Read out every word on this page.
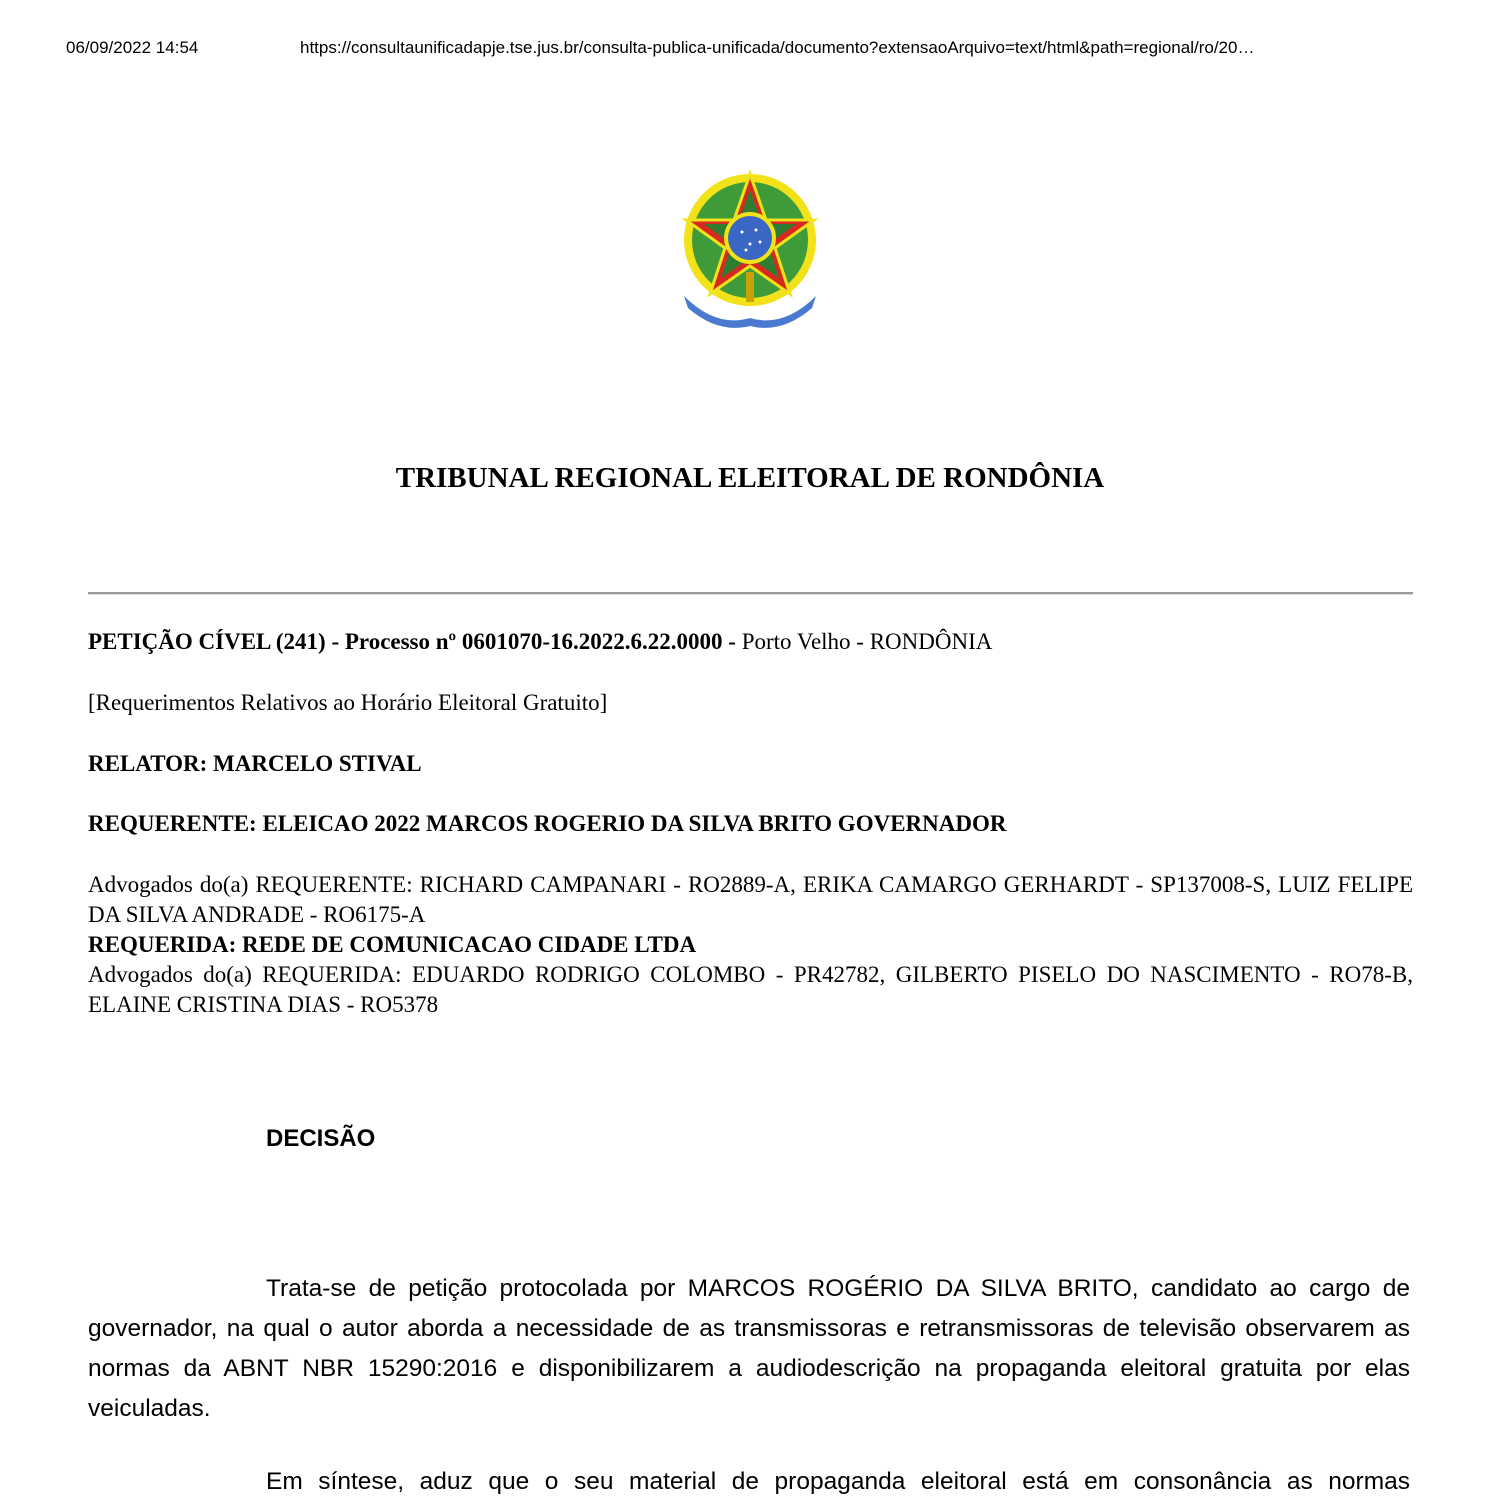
06/09/2022 14:54	https://consultaunificadapje.tse.jus.br/consulta-publica-unificada/documento?extensaoArquivo=text/html&path=regional/ro/20…
TRIBUNAL REGIONAL ELEITORAL DE RONDÔNIA
PETIÇÃO CÍVEL (241) - Processo nº 0601070-16.2022.6.22.0000 - Porto Velho - RONDÔNIA
[Requerimentos Relativos ao Horário Eleitoral Gratuito]
RELATOR: MARCELO STIVAL
REQUERENTE: ELEICAO 2022 MARCOS ROGERIO DA SILVA BRITO GOVERNADOR
Advogados do(a) REQUERENTE: RICHARD CAMPANARI - RO2889-A, ERIKA CAMARGO GERHARDT - SP137008-S, LUIZ FELIPE DA SILVA ANDRADE - RO6175-A
REQUERIDA: REDE DE COMUNICACAO CIDADE LTDA
Advogados do(a) REQUERIDA: EDUARDO RODRIGO COLOMBO - PR42782, GILBERTO PISELO DO NASCIMENTO - RO78-B, ELAINE CRISTINA DIAS - RO5378
DECISÃO
Trata-se de petição protocolada por MARCOS ROGÉRIO DA SILVA BRITO, candidato ao cargo de governador, na qual o autor aborda a necessidade de as transmissoras e retransmissoras de televisão observarem as normas da ABNT NBR 15290:2016 e disponibilizarem a audiodescrição na propaganda eleitoral gratuita por elas veiculadas.
Em síntese, aduz que o seu material de propaganda eleitoral está em consonância as normas
